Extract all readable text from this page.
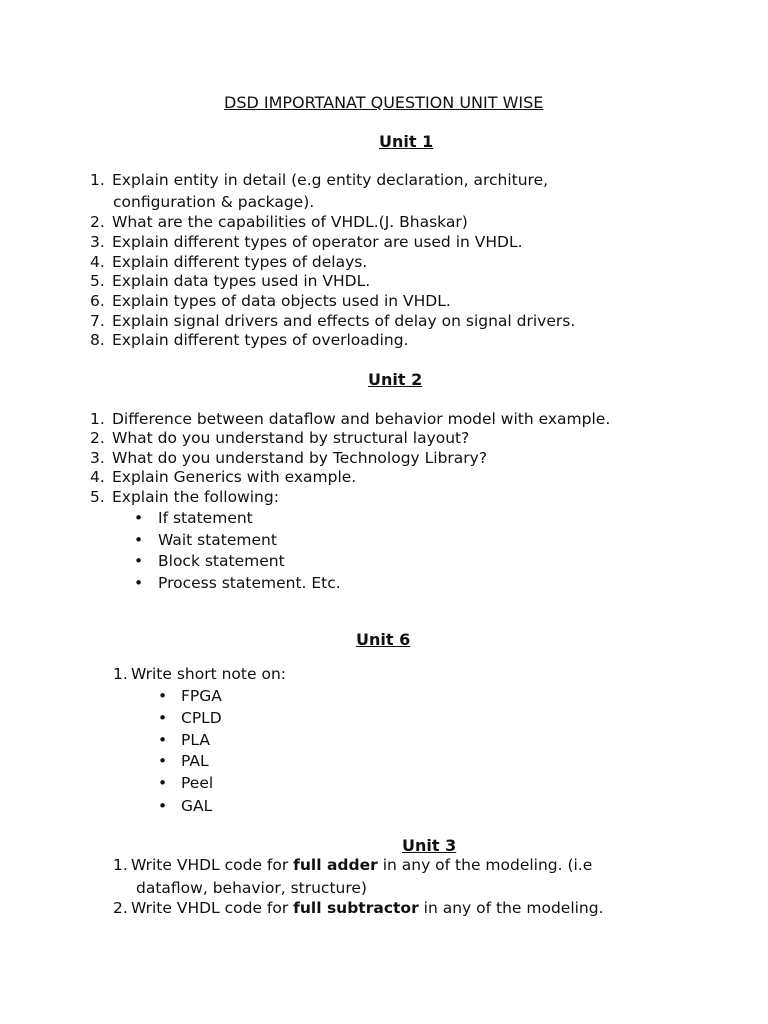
DSD IMPORTANAT QUESTION UNIT WISE
Unit 1
1. Explain entity in detail (e.g entity declaration, architure,
configuration & package).
2. What are the capabilities of VHDL.(J. Bhaskar)
3. Explain different types of operator are used in VHDL.
4. Explain different types of delays.
5. Explain data types used in VHDL.
6. Explain types of data objects used in VHDL.
7. Explain signal drivers and effects of delay on signal drivers.
8. Explain different types of overloading.
Unit 2
1. Difference between dataflow and behavior model with example.
2. What do you understand by structural layout?
3. What do you understand by Technology Library?
4. Explain Generics with example.
5. Explain the following:
• If statement
• Wait statement
• Block statement
• Process statement. Etc.
Unit 6
1. Write short note on:
• FPGA
• CPLD
• PLA
• PAL
• Peel
• GAL
Unit 3
1. Write VHDL code for full adder in any of the modeling. (i.e
dataflow, behavior, structure)
2. Write VHDL code for full subtractor in any of the modeling.
